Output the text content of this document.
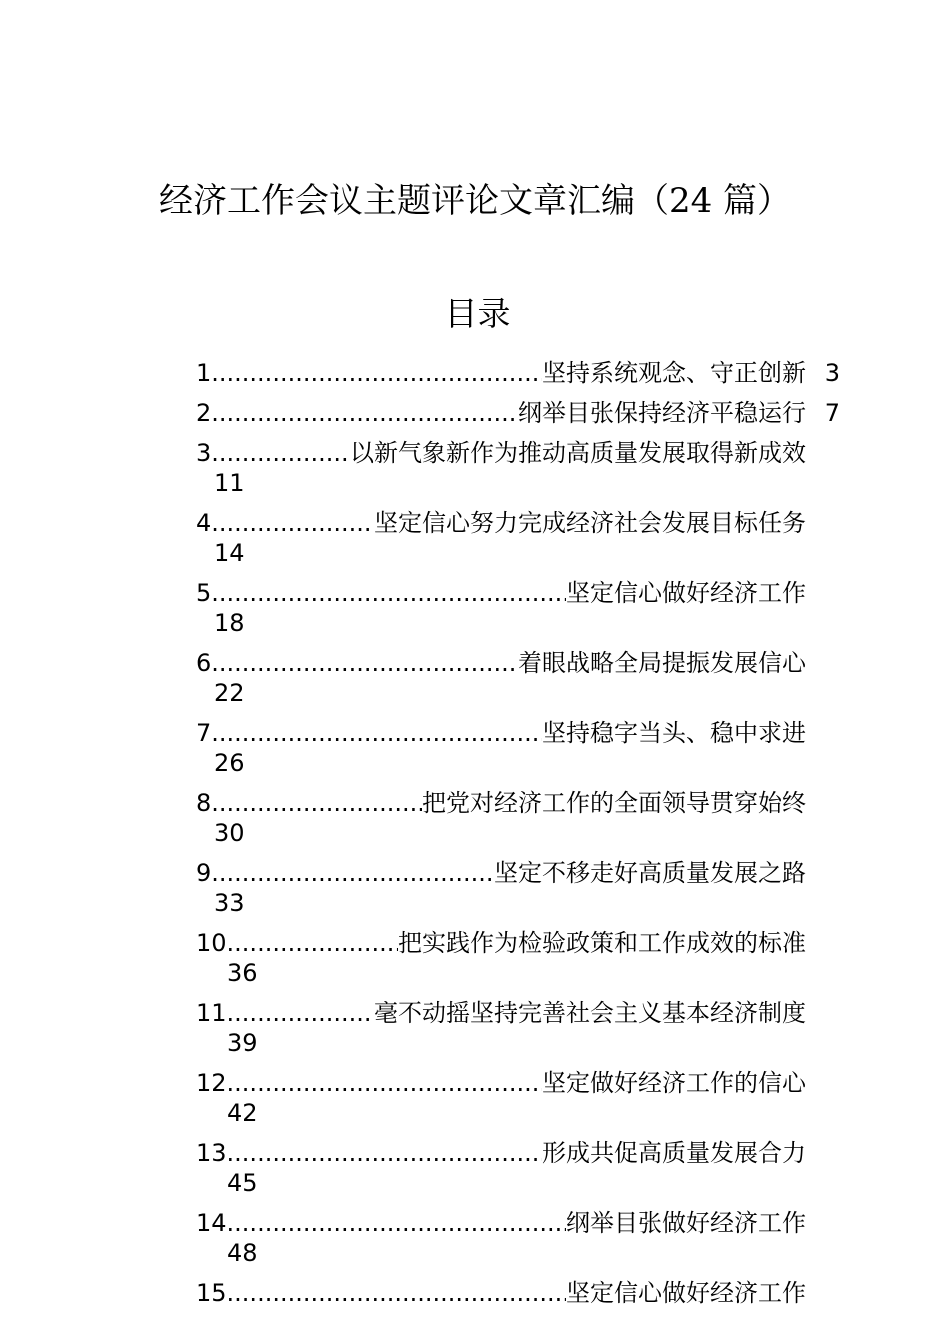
经济工作会议主题评论文章汇编（24 篇）
目录
1 .....	坚持系统观念、守正创新 3
2 .....	纲举目张保持经济平稳运行 7
3 .....	以新气象新作为推动高质量发展取得新成效
11
4 .....	坚定信心努力完成经济社会发展目标任务
14
5 .....	坚定信心做好经济工作
18
6 .....	着眼战略全局提振发展信心
22
7 .....	坚持稳字当头、稳中求进
26
8 .....	把党对经济工作的全面领导贯穿始终
30
9 .....	坚定不移走好高质量发展之路
33
10 .....	把实践作为检验政策和工作成效的标准
36
11 .....	毫不动摇坚持完善社会主义基本经济制度
39
12 .....	坚定做好经济工作的信心
42
13 .....	形成共促高质量发展合力
45
14 .....	纲举目张做好经济工作
48
15 .....	坚定信心做好经济工作
